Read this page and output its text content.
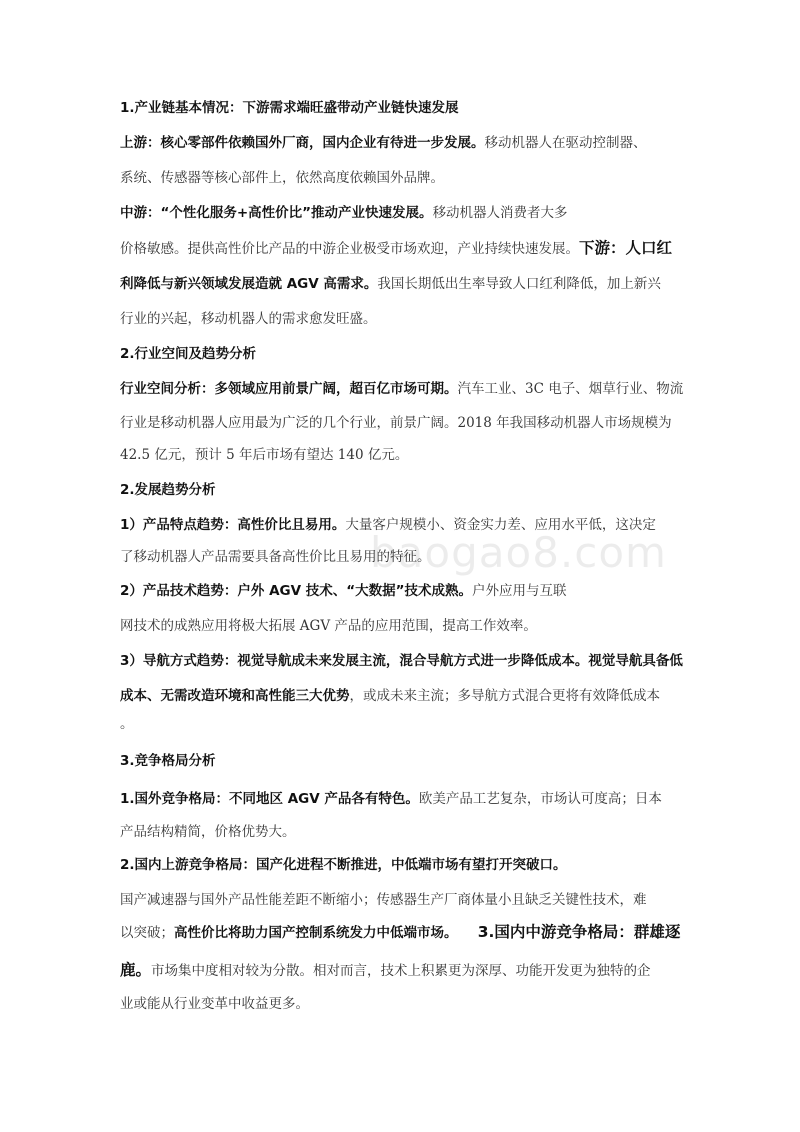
baogao8.com
1.产业链基本情况：下游需求端旺盛带动产业链快速发展
上游：核心零部件依赖国外厂商，国内企业有待进一步发展。移动机器人在驱动控制器、
系统、传感器等核心部件上，依然高度依赖国外品牌。
中游：“个性化服务+高性价比”推动产业快速发展。移动机器人消费者大多
价格敏感。提供高性价比产品的中游企业极受市场欢迎，产业持续快速发展。下游：人口红
利降低与新兴领域发展造就 AGV 高需求。我国长期低出生率导致人口红利降低，加上新兴
行业的兴起，移动机器人的需求愈发旺盛。
2.行业空间及趋势分析
行业空间分析：多领域应用前景广阔，超百亿市场可期。汽车工业、3C 电子、烟草行业、物流
行业是移动机器人应用最为广泛的几个行业，前景广阔。2018 年我国移动机器人市场规模为
42.5 亿元，预计 5 年后市场有望达 140 亿元。
2.发展趋势分析
1）产品特点趋势：高性价比且易用。大量客户规模小、资金实力差、应用水平低，这决定
了移动机器人产品需要具备高性价比且易用的特征。
2）产品技术趋势：户外 AGV 技术、“大数据”技术成熟。户外应用与互联
网技术的成熟应用将极大拓展 AGV 产品的应用范围，提高工作效率。
3）导航方式趋势：视觉导航成未来发展主流，混合导航方式进一步降低成本。视觉导航具备低
成本、无需改造环境和高性能三大优势，或成未来主流；多导航方式混合更将有效降低成本
。
3.竞争格局分析
1.国外竞争格局：不同地区 AGV 产品各有特色。欧美产品工艺复杂，市场认可度高；日本
产品结构精简，价格优势大。
2.国内上游竞争格局：国产化进程不断推进，中低端市场有望打开突破口。
国产减速器与国外产品性能差距不断缩小；传感器生产厂商体量小且缺乏关键性技术，难
以突破；高性价比将助力国产控制系统发力中低端市场。　　 3.国内中游竞争格局：群雄逐
鹿。市场集中度相对较为分散。相对而言，技术上积累更为深厚、功能开发更为独特的企
业或能从行业变革中收益更多。
